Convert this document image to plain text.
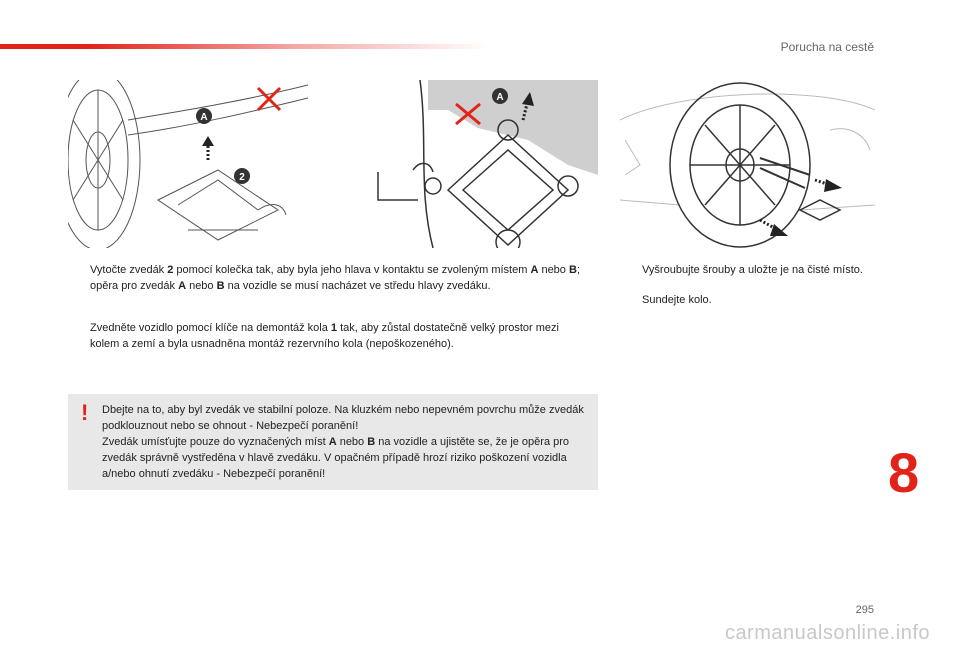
Porucha na cestě
A
2
A
Vytočte zvedák 2 pomocí kolečka tak, aby byla jeho hlava v kontaktu se zvoleným místem A nebo B; opěra pro zvedák A nebo B na vozidle se musí nacházet ve středu hlavy zvedáku.
Zvedněte vozidlo pomocí klíče na demontáž kola 1 tak, aby zůstal dostatečně velký prostor mezi kolem a zemí a byla usnadněna montáž rezervního kola (nepoškozeného).
Vyšroubujte šrouby a uložte je na čisté místo.
Sundejte kolo.
! Dbejte na to, aby byl zvedák ve stabilní poloze. Na kluzkém nebo nepevném povrchu může zvedák podklouznout nebo se ohnout - Nebezpečí poranění!
Zvedák umísťujte pouze do vyznačených míst A nebo B na vozidle a ujistěte se, že je opěra pro zvedák správně vystředěna v hlavě zvedáku. V opačném případě hrozí riziko poškození vozidla a/nebo ohnutí zvedáku - Nebezpečí poranění!	8
295
carmanualsonline.info
